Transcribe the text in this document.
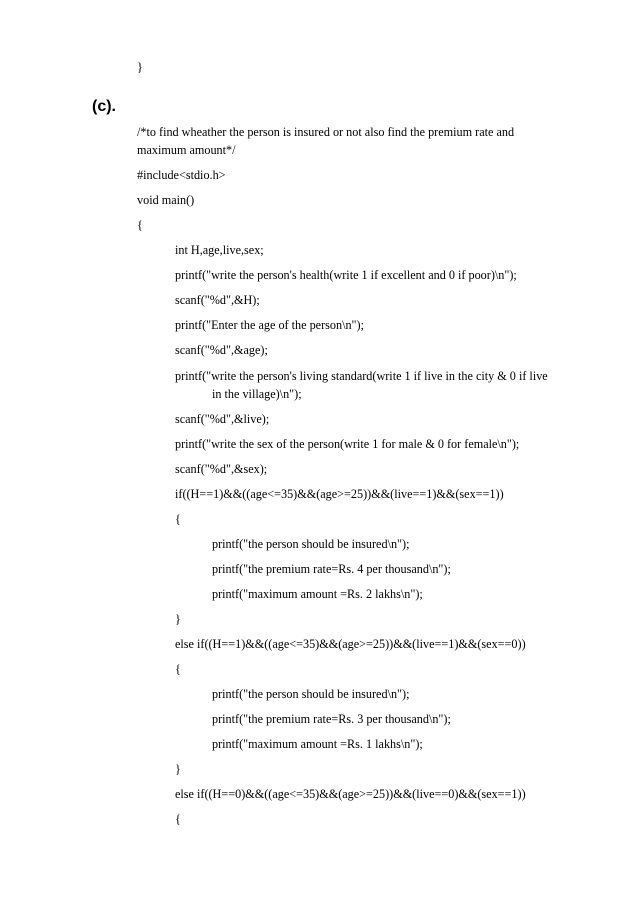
}
(c).
/*to find wheather the person is insured or not also find the premium rate and
maximum amount*/
#include<stdio.h>
void main()
{
int H,age,live,sex;
printf("write the person's health(write 1 if excellent and 0 if poor)\n");
scanf("%d",&H);
printf("Enter the age of the person\n");
scanf("%d",&age);
printf("write the person's living standard(write 1 if live in the city & 0 if live
in the village)\n");
scanf("%d",&live);
printf("write the sex of the person(write 1 for male & 0 for female\n");
scanf("%d",&sex);
if((H==1)&&((age<=35)&&(age>=25))&&(live==1)&&(sex==1))
{
printf("the person should be insured\n");
printf("the premium rate=Rs. 4 per thousand\n");
printf("maximum amount =Rs. 2 lakhs\n");
}
else if((H==1)&&((age<=35)&&(age>=25))&&(live==1)&&(sex==0))
{
printf("the person should be insured\n");
printf("the premium rate=Rs. 3 per thousand\n");
printf("maximum amount =Rs. 1 lakhs\n");
}
else if((H==0)&&((age<=35)&&(age>=25))&&(live==0)&&(sex==1))
{
